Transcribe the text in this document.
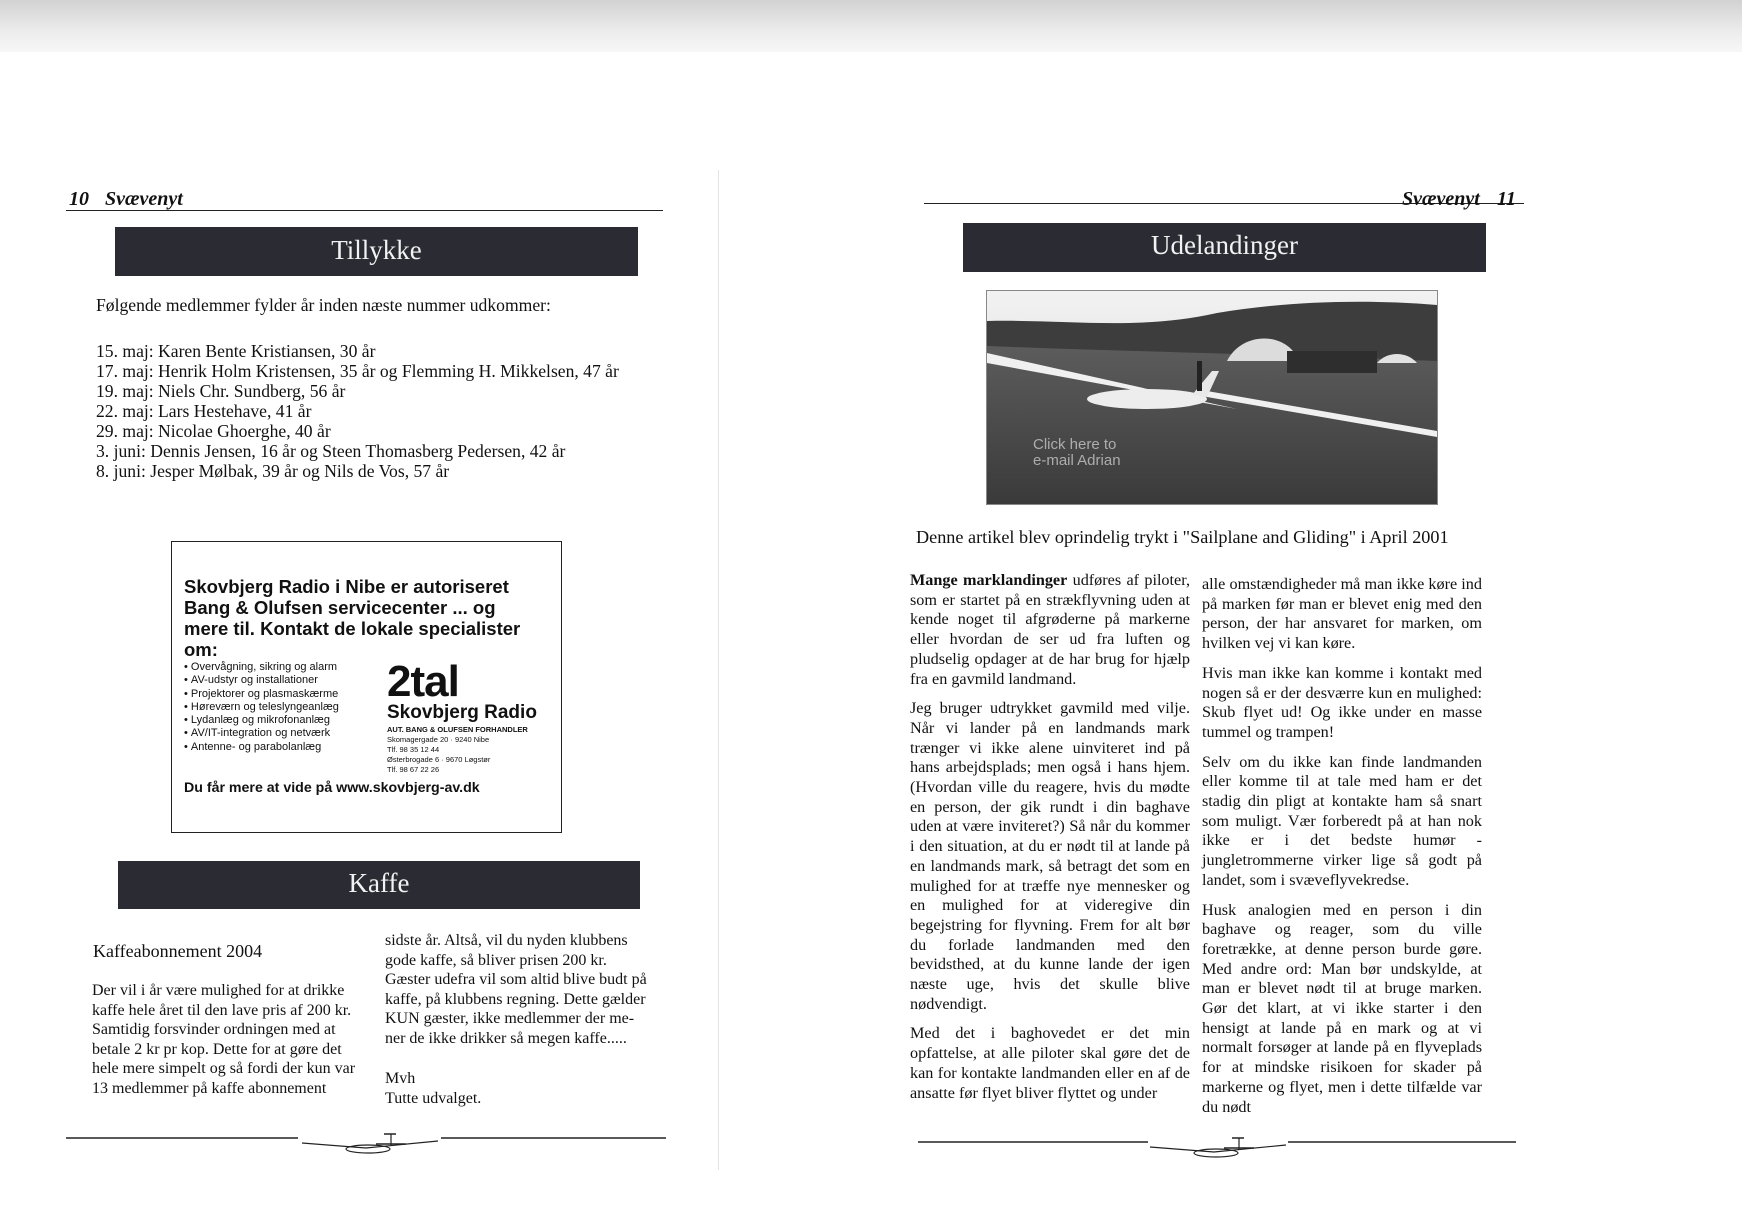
10 Svævenyt
Tillykke
Følgende medlemmer fylder år inden næste nummer udkommer:
15. maj: Karen Bente Kristiansen, 30 år
17. maj: Henrik Holm Kristensen, 35 år og Flemming H. Mikkelsen, 47 år
19. maj: Niels Chr. Sundberg, 56 år
22. maj: Lars Hestehave, 41 år
29. maj: Nicolae Ghoerghe, 40 år
3. juni: Dennis Jensen, 16 år og Steen Thomasberg Pedersen, 42 år
8. juni: Jesper Mølbak, 39 år og Nils de Vos, 57 år
Skovbjerg Radio i Nibe er autoriseret Bang & Olufsen servicecenter ... og mere til. Kontakt de lokale specialister om:
• Overvågning, sikring og alarm
• AV-udstyr og installationer
• Projektorer og plasmaskærme
• Høreværn og teleslyngeanlæg
• Lydanlæg og mikrofonanlæg
• AV/IT-integration og netværk
• Antenne- og parabolanlæg
2tal
Skovbjerg Radio
AUT. BANG & OLUFSEN FORHANDLER
Skomagergade 20 · 9240 Nibe
Tlf. 98 35 12 44
Østerbrogade 6 · 9670 Løgstør
Tlf. 98 67 22 26
Du får mere at vide på www.skovbjerg-av.dk
Kaffe
Kaffeabonnement 2004
Der vil i år være mulighed for at drikke
kaffe hele året til den lave pris af 200 kr.
Samtidig forsvinder ordningen med at
betale 2 kr pr kop. Dette for at gøre det
hele mere simpelt og så fordi der kun var
13 medlemmer på kaffe abonnement
sidste år. Altså, vil du nyden klubbens
gode kaffe, så bliver prisen 200 kr.
Gæster udefra vil som altid blive budt på
kaffe, på klubbens regning. Dette gælder
KUN gæster, ikke medlemmer der me-
ner de ikke drikker så megen kaffe.....
Mvh
Tutte udvalget.
Svævenyt 11
Udelandinger
Click here to
e-mail Adrian
Denne artikel blev oprindelig trykt i "Sailplane and Gliding" i April 2001

Mange marklandinger udføres af piloter, som er startet på en strækflyvning uden at kende noget til afgrøderne på markerne eller hvordan de ser ud fra luften og pludselig opdager at de har brug for hjælp fra en gavmild landmand.

Jeg bruger udtrykket gavmild med vilje. Når vi lander på en landmands mark trænger vi ikke alene uinviteret ind på hans arbejdsplads; men også i hans hjem. (Hvordan ville du reagere, hvis du mødte en person, der gik rundt i din baghave uden at være inviteret?) Så når du kommer i den situation, at du er nødt til at lande på en landmands mark, så betragt det som en mulighed for at træffe nye mennesker og en mulighed for at videregive din begejstring for flyvning. Frem for alt bør du forlade landmanden med den bevidsthed, at du kunne lande der igen næste uge, hvis det skulle blive nødvendigt.

Med det i baghovedet er det min opfattelse, at alle piloter skal gøre det de kan for kontakte landmanden eller en af de ansatte før flyet bliver flyttet og under

alle omstændigheder må man ikke køre ind på marken før man er blevet enig med den person, der har ansvaret for marken, om hvilken vej vi kan køre.

Hvis man ikke kan komme i kontakt med nogen så er der desværre kun en mulighed: Skub flyet ud! Og ikke under en masse tummel og trampen!

Selv om du ikke kan finde landmanden eller komme til at tale med ham er det stadig din pligt at kontakte ham så snart som muligt. Vær forberedt på at han nok ikke er i det bedste humør - jungletrommerne virker lige så godt på landet, som i svæveflyvekredse.

Husk analogien med en person i din baghave og reager, som du ville foretrække, at denne person burde gøre. Med andre ord: Man bør undskylde, at man er blevet nødt til at bruge marken. Gør det klart, at vi ikke starter i den hensigt at lande på en mark og at vi normalt forsøger at lande på en flyveplads for at mindske risikoen for skader på markerne og flyet, men i dette tilfælde var du nødt
